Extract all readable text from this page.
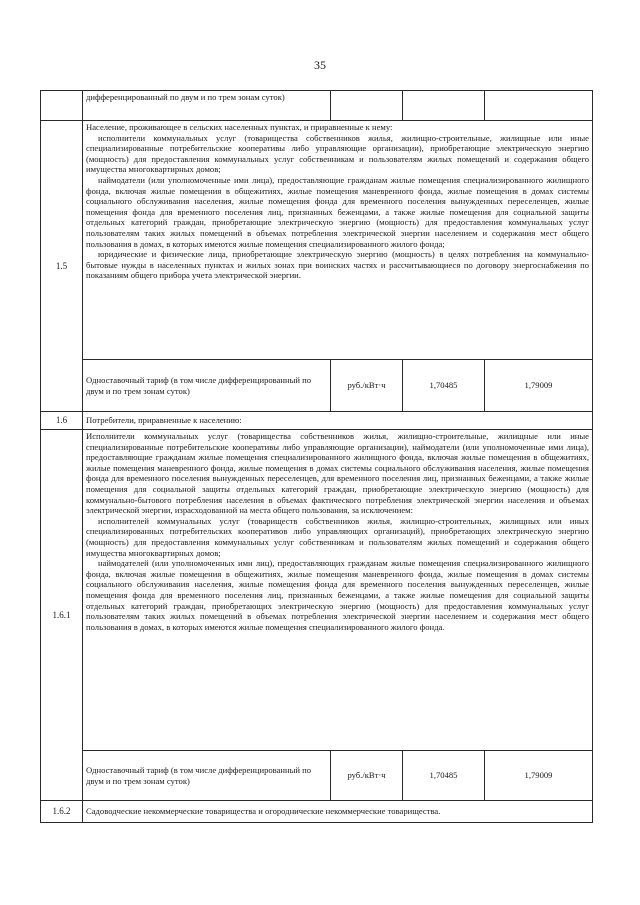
35
	дифференцированный по двум и по трем зонам суток)			
1.5	Население, проживающее в сельских населенных пунктах, и приравненные к нему:

исполнители коммунальных услуг (товарищества собственников жилья, жилищно-строительные, жилищные или иные специализированные потребительские кооперативы либо управляющие организации), приобретающие электрическую энергию (мощность) для предоставления коммунальных услуг собственникам и пользователям жилых помещений и содержания общего имущества многоквартирных домов;

наймодатели (или уполномоченные ими лица), предоставляющие гражданам жилые помещения специализированного жилищного фонда, включая жилые помещения в общежитиях, жилые помещения маневренного фонда, жилые помещения в домах системы социального обслуживания населения, жилые помещения фонда для временного поселения вынужденных переселенцев, жилые помещения фонда для временного поселения лиц, признанных беженцами, а также жилые помещения для социальной защиты отдельных категорий граждан, приобретающие электрическую энергию (мощность) для предоставления коммунальных услуг пользователям таких жилых помещений в объемах потребления электрической энергии населением и содержания мест общего пользования в домах, в которых имеются жилые помещения специализированного жилого фонда;

юридические и физические лица, приобретающие электрическую энергию (мощность) в целях потребления на коммунально-бытовые нужды в населенных пунктах и жилых зонах при воинских частях и рассчитывающиеся по договору энергоснабжения по показаниям общего прибора учета электрической энергии.			

	Одноставочный тариф (в том числе дифференцированный по двум и по трем зонам суток)	руб./кВт·ч	1,70485	1,79009
1.6	Потребители, приравненные к населению:			
1.6.1	Исполнители коммунальных услуг (товарищества собственников жилья, жилищно-строительные, жилищные или иные специализированные потребительские кооперативы либо управляющие организации), наймодатели (или уполномоченные ими лица), предоставляющие гражданам жилые помещения специализированного жилищного фонда, включая жилые помещения в общежитиях, жилые помещения маневренного фонда, жилые помещения в домах системы социального обслуживания населения, жилые помещения фонда для временного поселения вынужденных переселенцев, для временного поселения лиц, признанных беженцами, а также жилые помещения для социальной защиты отдельных категорий граждан, приобретающие электрическую энергию (мощность) для коммунально-бытового потребления населения в объемах фактического потребления электрической энергии населения и объемах электрической энергии, израсходованной на места общего пользования, за исключением:

исполнителей коммунальных услуг (товариществ собственников жилья, жилищно-строительных, жилищных или иных специализированных потребительских кооперативов либо управляющих организаций), приобретающих электрическую энергию (мощность) для предоставления коммунальных услуг собственникам и пользователям жилых помещений и содержания общего имущества многоквартирных домов;

наймодателей (или уполномоченных ими лиц), предоставляющих гражданам жилые помещения специализированного жилищного фонда, включая жилые помещения в общежитиях, жилые помещения маневренного фонда, жилые помещения в домах системы социального обслуживания населения, жилые помещения фонда для временного поселения вынужденных переселенцев, жилые помещения фонда для временного поселения лиц, признанных беженцами, а также жилые помещения для социальной защиты отдельных категорий граждан, приобретающих электрическую энергию (мощность) для предоставления коммунальных услуг пользователям таких жилых помещений в объемах потребления электрической энергии населением и содержания мест общего пользования в домах, в которых имеются жилые помещения специализированного жилого фонда.			

	Одноставочный тариф (в том числе дифференцированный по двум и по трем зонам суток)	руб./кВт·ч	1,70485	1,79009
1.6.2	Садоводческие некоммерческие товарищества и огороднические некоммерческие товарищества.			
